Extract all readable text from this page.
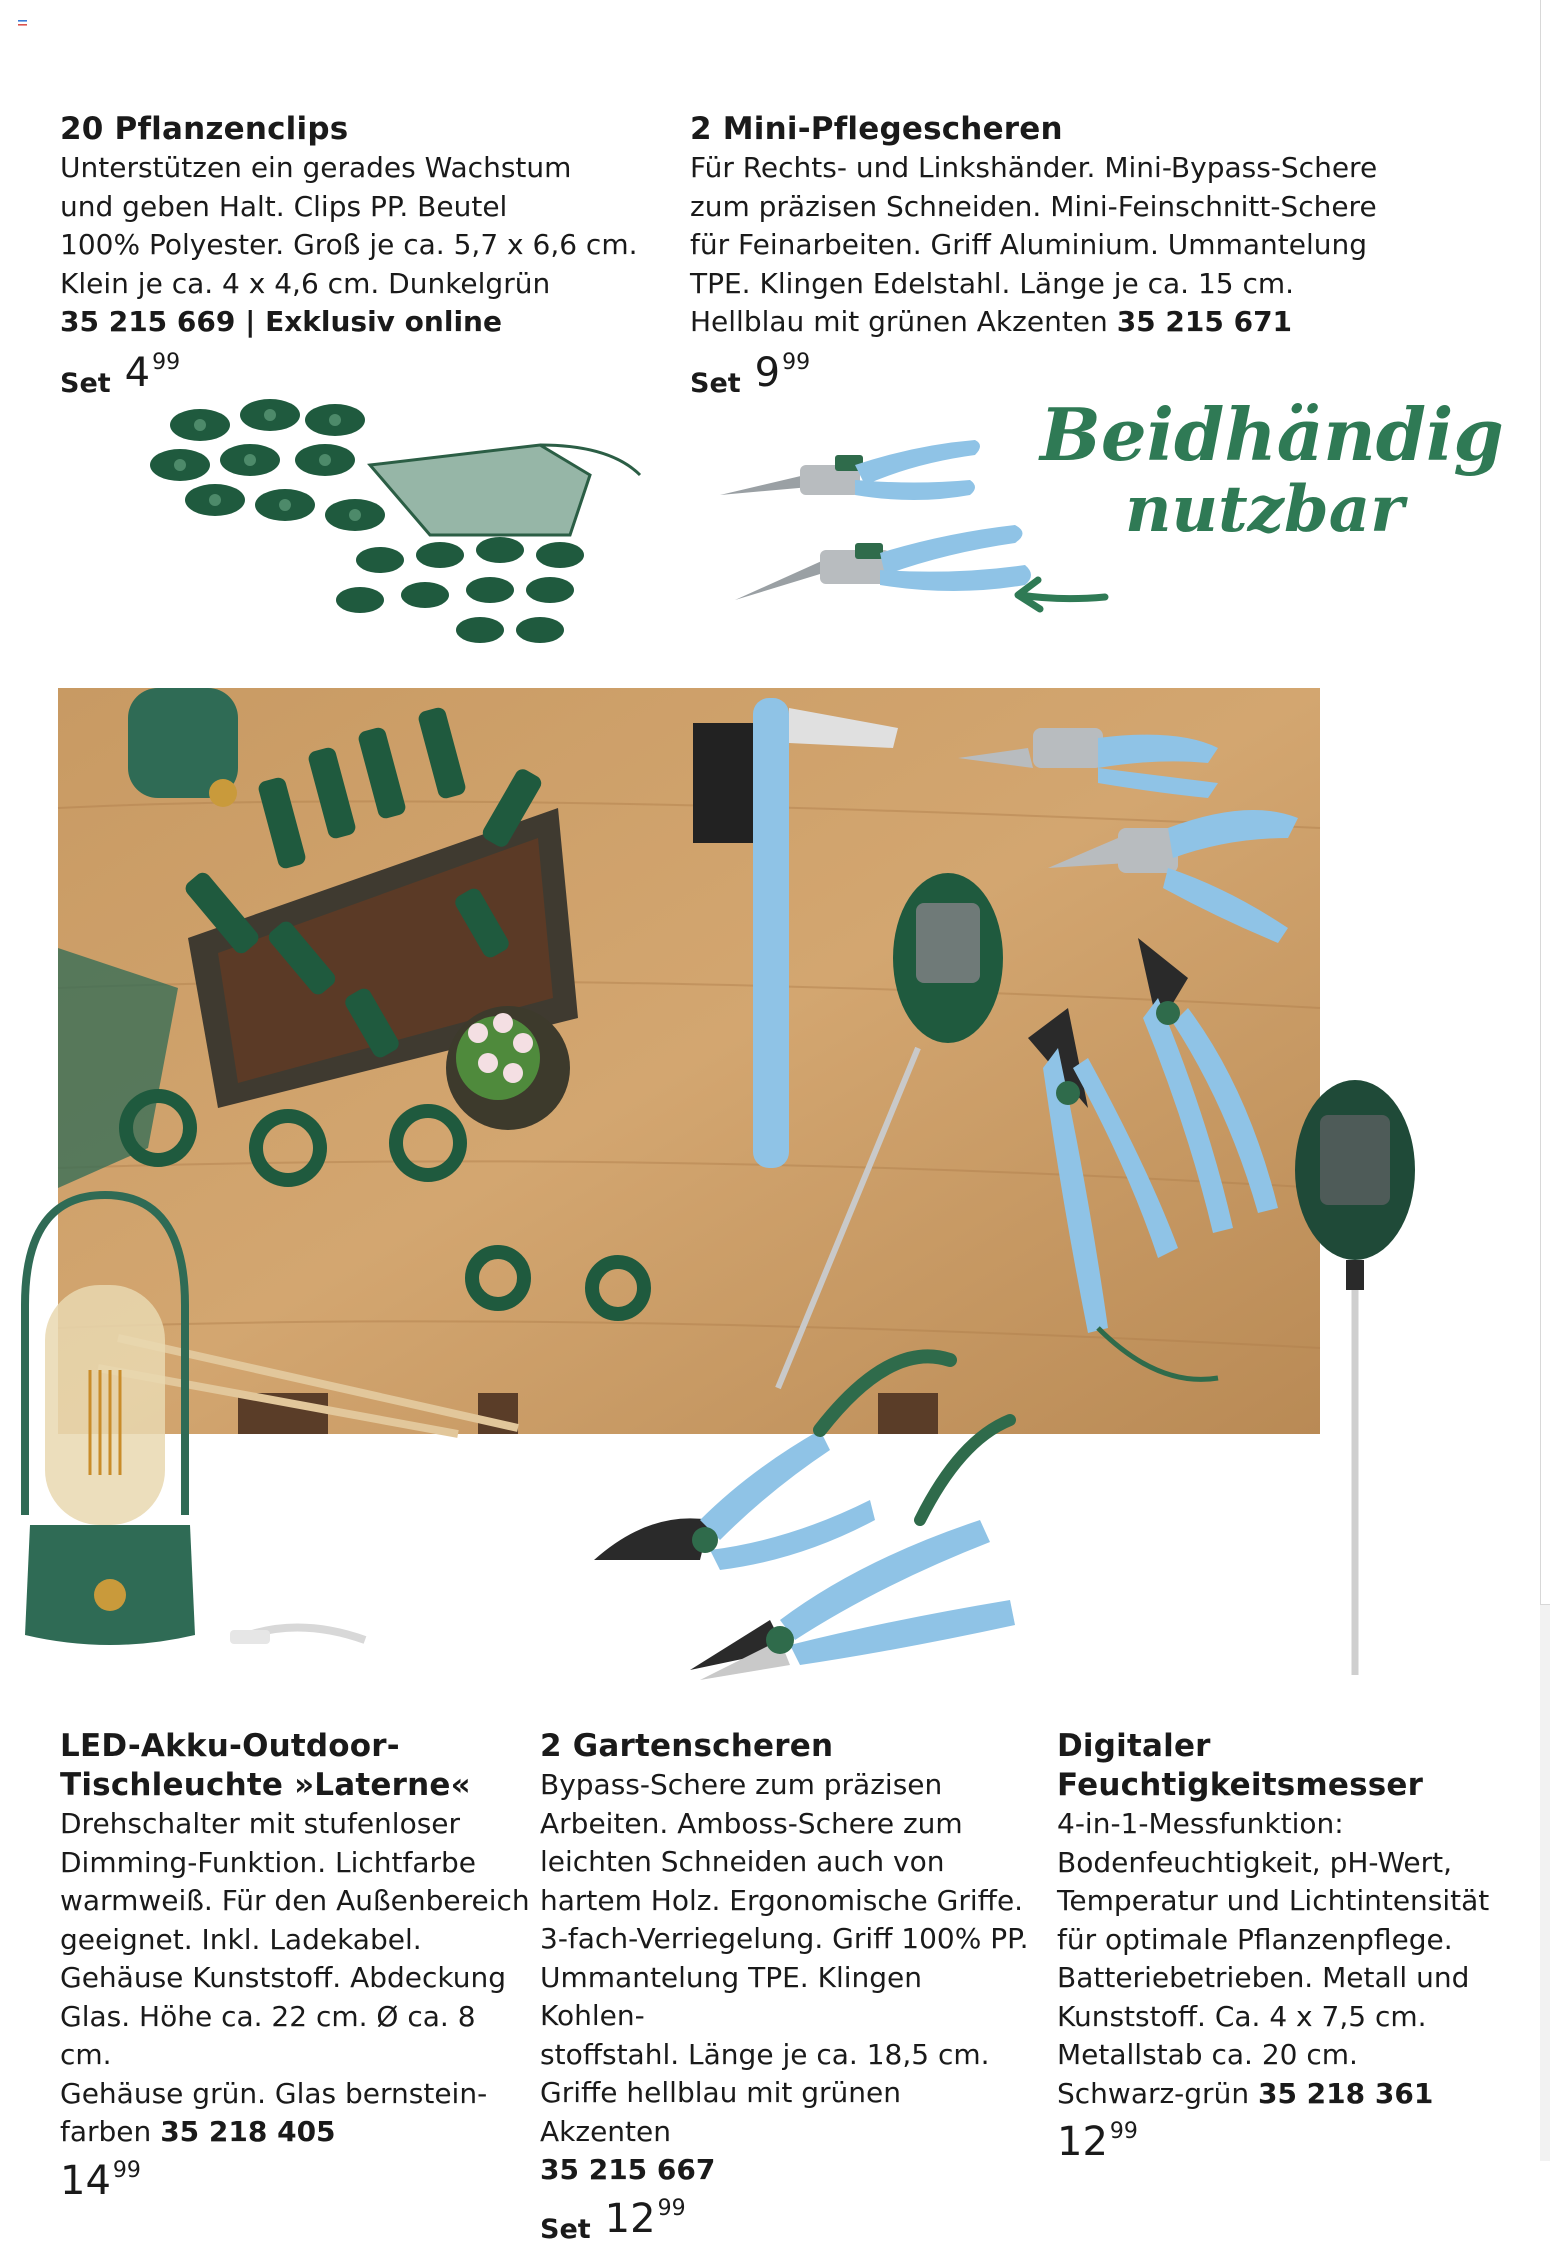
20 Pflanzenclips
Unterstützen ein gerades Wachstum
und geben Halt. Clips PP. Beutel
100% Polyester. Groß je ca. 5,7 x 6,6 cm.
Klein je ca. 4 x 4,6 cm. Dunkelgrün
35 215 669 | Exklusiv online
Set 4 99
2 Mini-Pflegescheren
Für Rechts- und Linkshänder. Mini-Bypass-Schere
zum präzisen Schneiden. Mini-Feinschnitt-Schere
für Feinarbeiten. Griff Aluminium. Ummantelung
TPE. Klingen Edelstahl. Länge je ca. 15 cm.
Hellblau mit grünen Akzenten 35 215 671
Set 9 99
Beidhändig
nutzbar
LED-Akku-Outdoor-
Tischleuchte »Laterne«
Drehschalter mit stufenloser
Dimming-Funktion. Lichtfarbe
warmweiß. Für den Außenbereich
geeignet. Inkl. Ladekabel.
Gehäuse Kunststoff. Abdeckung
Glas. Höhe ca. 22 cm. Ø ca. 8 cm.
Gehäuse grün. Glas bernstein-
farben 35 218 405
14 99
2 Gartenscheren
Bypass-Schere zum präzisen
Arbeiten. Amboss-Schere zum
leichten Schneiden auch von
hartem Holz. Ergonomische Griffe.
3-fach-Verriegelung. Griff 100% PP.
Ummantelung TPE. Klingen Kohlen-
stoffstahl. Länge je ca. 18,5 cm.
Griffe hellblau mit grünen Akzenten
35 215 667
Set 12 99
Digitaler
Feuchtigkeitsmesser
4-in-1-Messfunktion:
Bodenfeuchtigkeit, pH-Wert,
Temperatur und Lichtintensität
für optimale Pflanzenpflege.
Batteriebetrieben. Metall und
Kunststoff. Ca. 4 x 7,5 cm.
Metallstab ca. 20 cm.
Schwarz-grün 35 218 361
12 99
